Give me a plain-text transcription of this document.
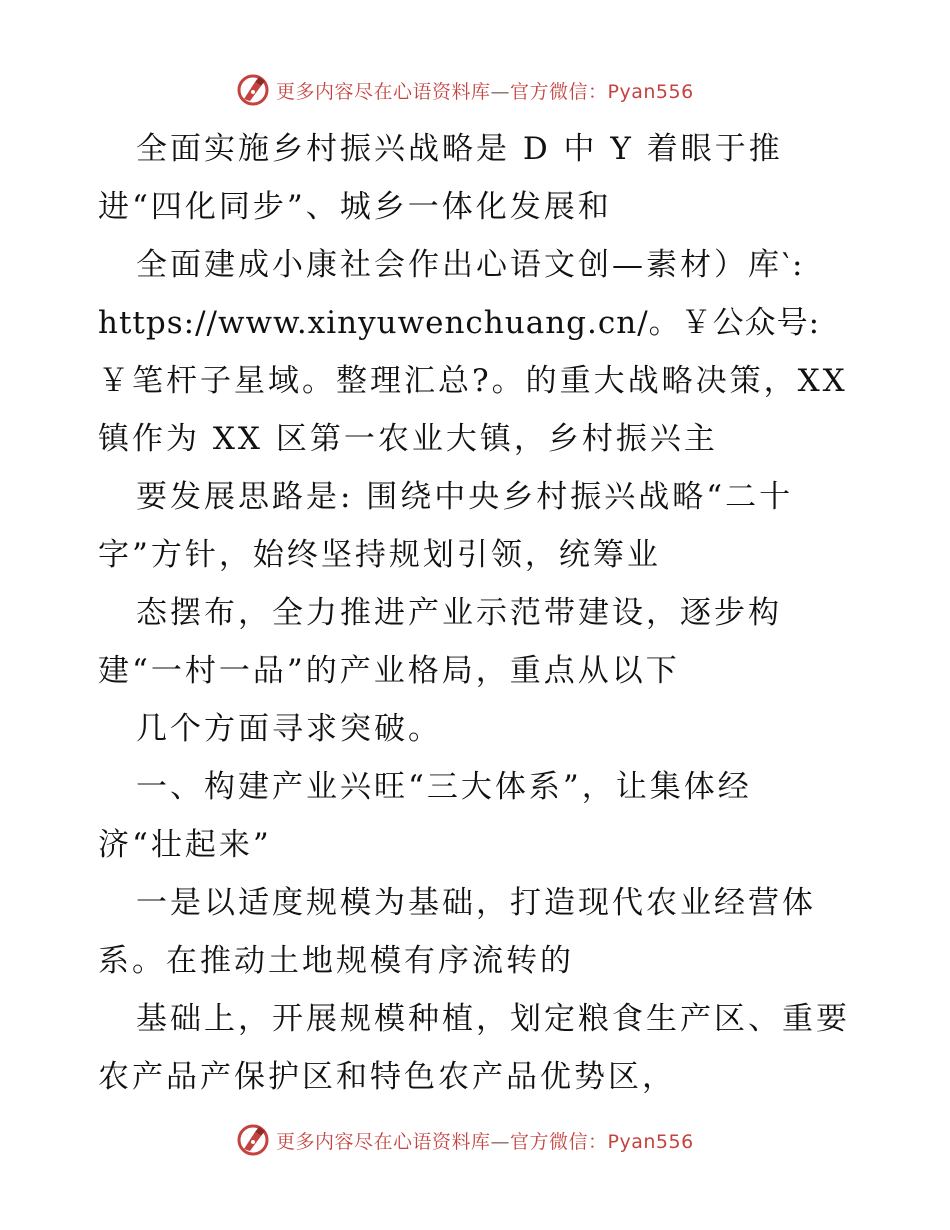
更多内容尽在心语资料库—官方微信：Pyan556
全面实施乡村振兴战略是 D 中 Y 着眼于推
进“四化同步”、城乡一体化发展和
全面建成小康社会作出心语文创—素材）库‵:
https://www.xinyuwenchuang.cn/。￥公众号:
￥笔杆子星域。整理汇总?。的重大战略决策，XX
镇作为 XX 区第一农业大镇，乡村振兴主
要发展思路是: 围绕中央乡村振兴战略“二十
字”方针，始终坚持规划引领，统筹业
态摆布，全力推进产业示范带建设，逐步构
建“一村一品”的产业格局，重点从以下
几个方面寻求突破。
一、构建产业兴旺“三大体系”，让集体经
济“壮起来”
一是以适度规模为基础，打造现代农业经营体
系。在推动土地规模有序流转的
基础上，开展规模种植，划定粮食生产区、重要
农产品产保护区和特色农产品优势区，
更多内容尽在心语资料库—官方微信：Pyan556
